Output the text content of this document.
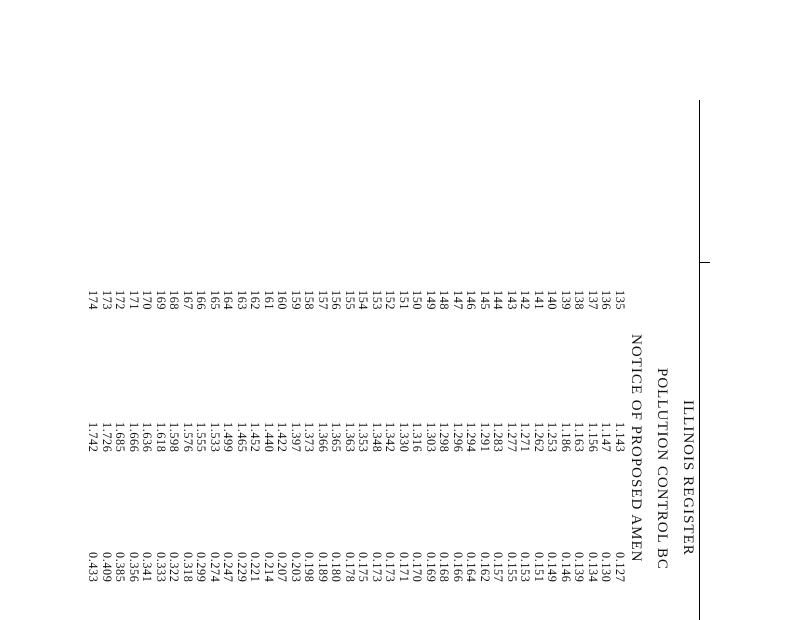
ILLINOIS REGISTER
POLLUTION CONTROL BC
NOTICE OF PROPOSED AMEN
135
136
137
138
139
140
141
142
143
144
145
146
147
148
149
150
151
152
153
154
155
156
157
158
159
160
161
162
163
164
165
166
167
168
169
170
171
172
173
174
1.143
1.147
1.156
1.163
1.186
1.253
1.262
1.271
1.277
1.283
1.291
1.294
1.296
1.298
1.303
1.316
1.330
1.342
1.348
1.353
1.363
1.365
1.366
1.373
1.397
1.422
1.440
1.452
1.465
1.499
1.533
1.555
1.576
1.598
1.618
1.636
1.666
1.685
1.726
1.742
0.127
0.130
0.134
0.139
0.146
0.149
0.151
0.153
0.155
0.157
0.162
0.164
0.166
0.168
0.169
0.170
0.171
0.173
0.173
0.175
0.178
0.180
0.189
0.198
0.203
0.207
0.214
0.221
0.229
0.247
0.274
0.299
0.318
0.322
0.333
0.341
0.356
0.385
0.409
0.433
